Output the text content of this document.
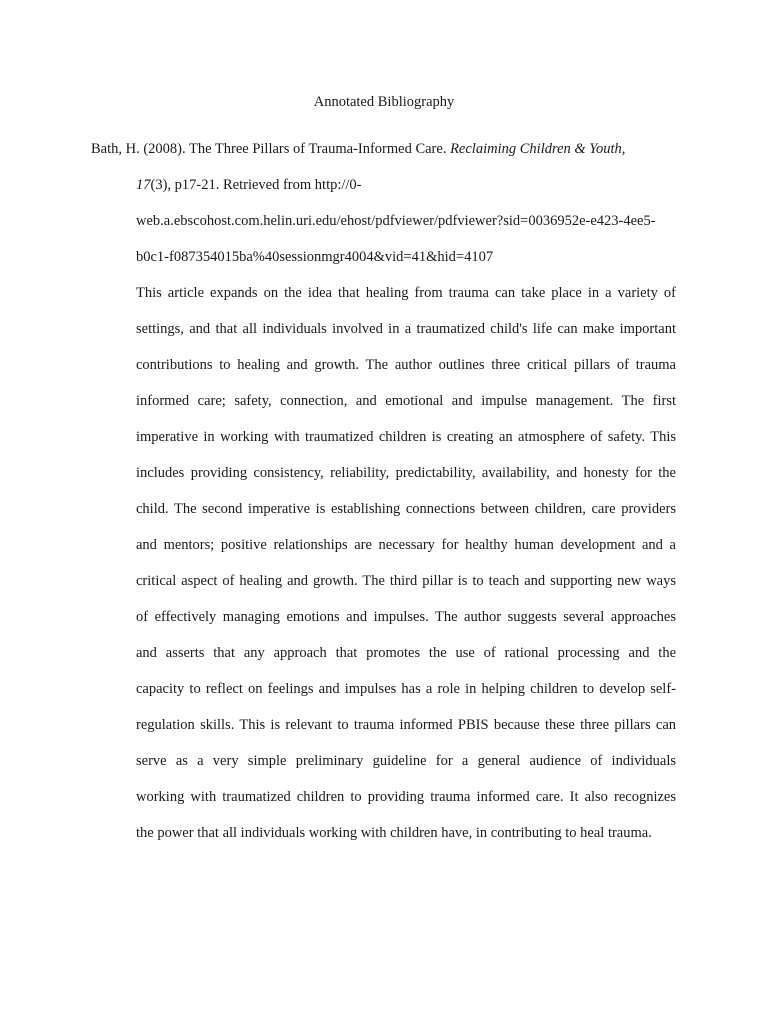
Annotated Bibliography
Bath, H. (2008). The Three Pillars of Trauma-Informed Care. Reclaiming Children & Youth,
17(3), p17-21. Retrieved from http://0-
web.a.ebscohost.com.helin.uri.edu/ehost/pdfviewer/pdfviewer?sid=0036952e-e423-4ee5-
b0c1-f087354015ba%40sessionmgr4004&vid=41&hid=4107
This article expands on the idea that healing from trauma can take place in a variety of
settings, and that all individuals involved in a traumatized child's life can make important
contributions to healing and growth. The author outlines three critical pillars of trauma
informed care; safety, connection, and emotional and impulse management. The first
imperative in working with traumatized children is creating an atmosphere of safety. This
includes providing consistency, reliability, predictability, availability, and honesty for the
child. The second imperative is establishing connections between children, care providers
and mentors; positive relationships are necessary for healthy human development and a
critical aspect of healing and growth. The third pillar is to teach and supporting new ways
of effectively managing emotions and impulses. The author suggests several approaches
and asserts that any approach that promotes the use of rational processing and the
capacity to reflect on feelings and impulses has a role in helping children to develop self-
regulation skills. This is relevant to trauma informed PBIS because these three pillars can
serve as a very simple preliminary guideline for a general audience of individuals
working with traumatized children to providing trauma informed care. It also recognizes
the power that all individuals working with children have, in contributing to heal trauma.
